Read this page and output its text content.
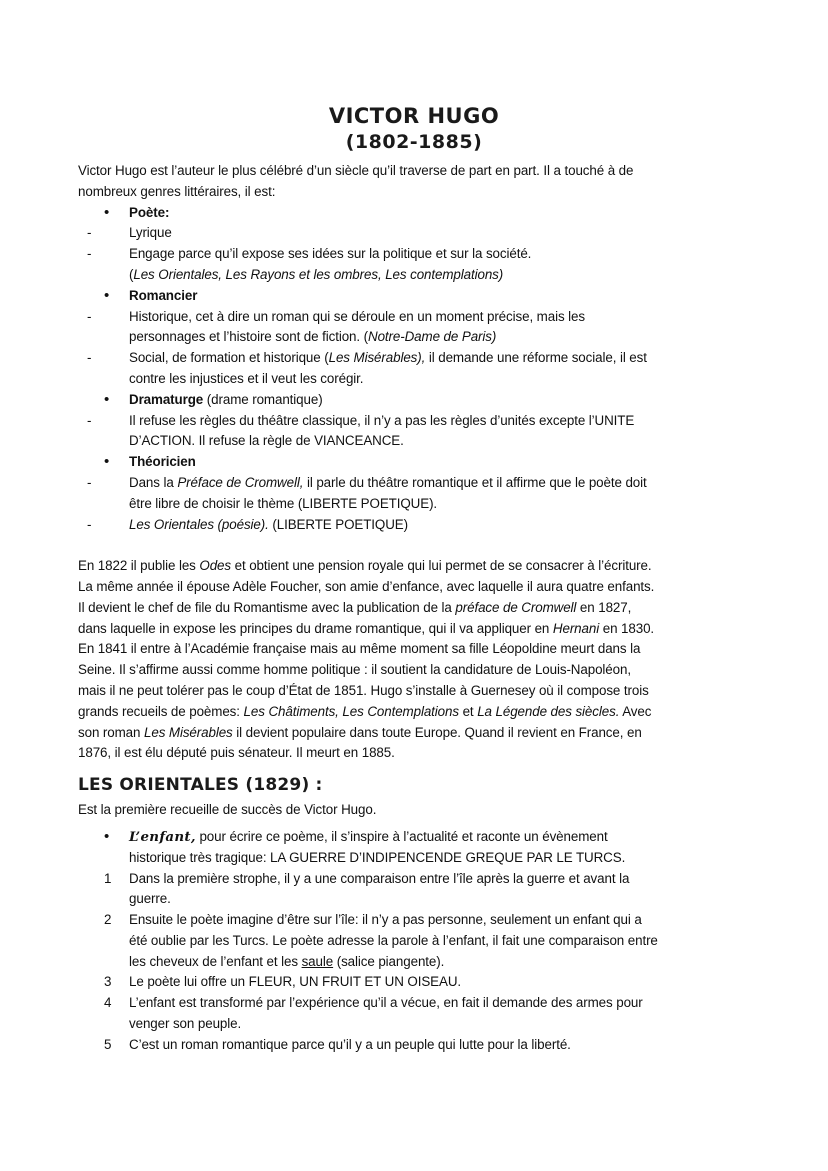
VICTOR HUGO
(1802-1885)
Victor Hugo est l’auteur le plus célébré d’un siècle qu’il traverse de part en part. Il a touché à de
nombreux genres littéraires, il est:
• Poète:
-	Lyrique
-	Engage parce qu’il expose ses idées sur la politique et sur la société.
(Les Orientales, Les Rayons et les ombres, Les contemplations)
• Romancier
-	Historique, cet à dire un roman qui se déroule en un moment précise, mais les
personnages et l’histoire sont de fiction. (Notre-Dame de Paris)
-	Social, de formation et historique (Les Misérables), il demande une réforme sociale, il est
contre les injustices et il veut les corégir.
• Dramaturge (drame romantique)
-	Il refuse les règles du théâtre classique, il n’y a pas les règles d’unités excepte l’UNITE
D’ACTION. Il refuse la règle de VIANCEANCE.
• Théoricien
-	Dans la Préface de Cromwell, il parle du théâtre romantique et il affirme que le poète doit
être libre de choisir le thème (LIBERTE POETIQUE).
-	Les Orientales (poésie). (LIBERTE POETIQUE)
En 1822 il publie les Odes et obtient une pension royale qui lui permet de se consacrer à l’écriture.
La même année il épouse Adèle Foucher, son amie d’enfance, avec laquelle il aura quatre enfants.
Il devient le chef de file du Romantisme avec la publication de la préface de Cromwell en 1827,
dans laquelle in expose les principes du drame romantique, qui il va appliquer en Hernani en 1830.
En 1841 il entre à l’Académie française mais au même moment sa fille Léopoldine meurt dans la
Seine. Il s’affirme aussi comme homme politique : il soutient la candidature de Louis-Napoléon,
mais il ne peut tolérer pas le coup d’État de 1851. Hugo s’installe à Guernesey où il compose trois
grands recueils de poèmes: Les Châtiments, Les Contemplations et La Légende des siècles. Avec
son roman Les Misérables il devient populaire dans toute Europe. Quand il revient en France, en
1876, il est élu député puis sénateur. Il meurt en 1885.
LES ORIENTALES (1829) :
Est la première recueille de succès de Victor Hugo.
• L’enfant, pour écrire ce poème, il s’inspire à l’actualité et raconte un évènement
historique très tragique: LA GUERRE D’INDIPENCENDE GREQUE PAR LE TURCS.
1 Dans la première strophe, il y a une comparaison entre l’île après la guerre et avant la
guerre.
2 Ensuite le poète imagine d’être sur l’île: il n’y a pas personne, seulement un enfant qui a
été oublie par les Turcs. Le poète adresse la parole à l’enfant, il fait une comparaison entre
les cheveux de l’enfant et les saule (salice piangente).
3 Le poète lui offre un FLEUR, UN FRUIT ET UN OISEAU.
4 L’enfant est transformé par l’expérience qu’il a vécue, en fait il demande des armes pour
venger son peuple.
5 C’est un roman romantique parce qu’il y a un peuple qui lutte pour la liberté.
